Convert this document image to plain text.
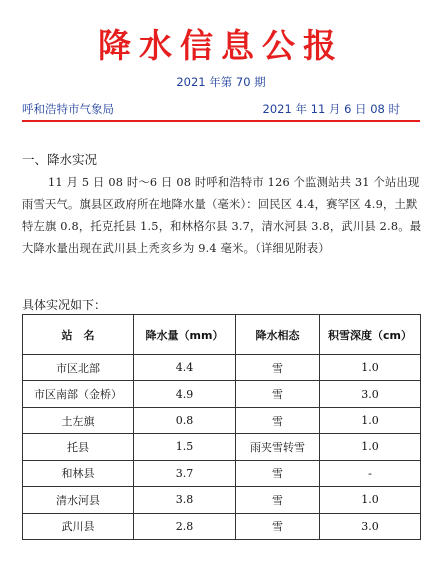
降水信息公报
2021 年第 70 期
呼和浩特市气象局	2021 年 11 月 6 日 08 时
一、降水实况

11 月 5 日 08 时～6 日 08 时呼和浩特市 126 个监测站共 31 个站出现雨雪天气。旗县区政府所在地降水量（毫米）：回民区 4.4，赛罕区 4.9，土默特左旗 0.8，托克托县 1.5，和林格尔县 3.7，清水河县 3.8，武川县 2.8。最大降水量出现在武川县上秃亥乡为 9.4 毫米。（详细见附表）

具体实况如下：
站　名	降水量（mm）	降水相态	积雪深度（cm）
市区北部	4.4	雪	1.0
市区南部（金桥）	4.9	雪	3.0
土左旗	0.8	雪	1.0
托县	1.5	雨夹雪转雪	1.0
和林县	3.7	雪	-
清水河县	3.8	雪	1.0
武川县	2.8	雪	3.0
